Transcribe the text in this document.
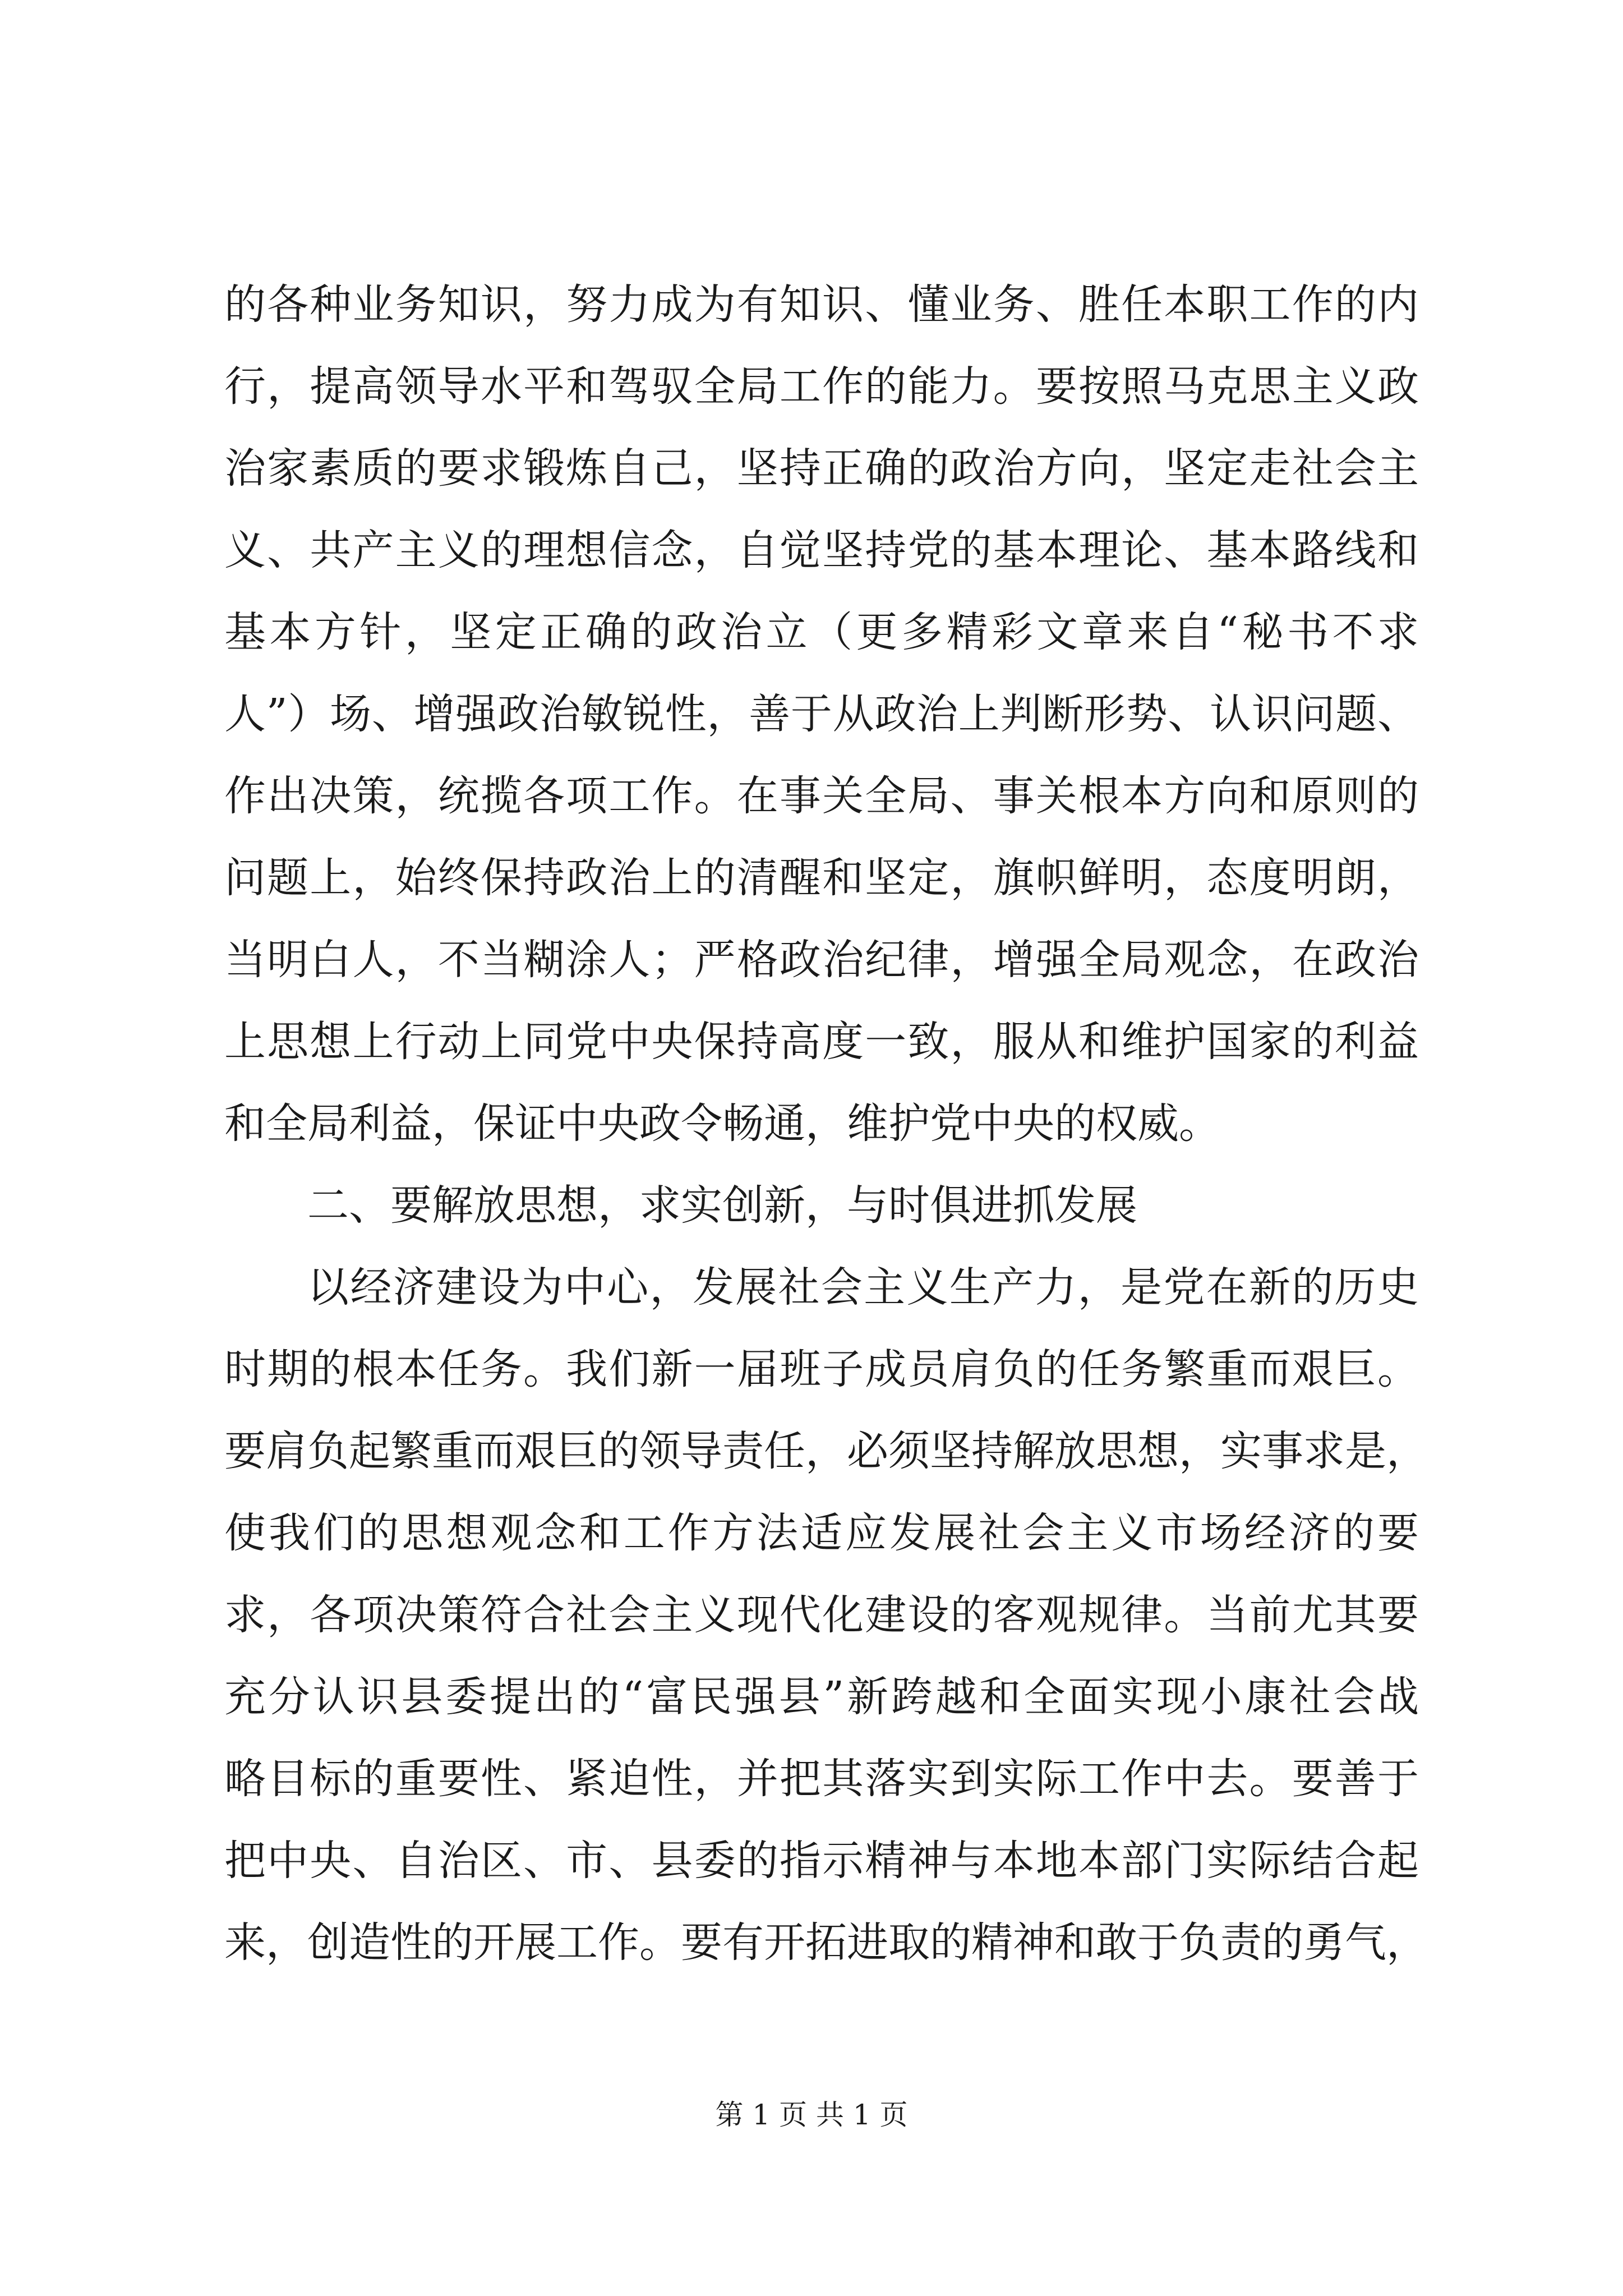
的各种业务知识，努力成为有知识、懂业务、胜任本职工作的内
行，提高领导水平和驾驭全局工作的能力。要按照马克思主义政
治家素质的要求锻炼自己，坚持正确的政治方向，坚定走社会主
义、共产主义的理想信念，自觉坚持党的基本理论、基本路线和
基本方针，坚定正确的政治立（更多精彩文章来自“秘书不求
人”）场、增强政治敏锐性，善于从政治上判断形势、认识问题、
作出决策，统揽各项工作。在事关全局、事关根本方向和原则的
问题上，始终保持政治上的清醒和坚定，旗帜鲜明，态度明朗，
当明白人，不当糊涂人；严格政治纪律，增强全局观念，在政治
上思想上行动上同党中央保持高度一致，服从和维护国家的利益
和全局利益，保证中央政令畅通，维护党中央的权威。
二、要解放思想，求实创新，与时俱进抓发展
以经济建设为中心，发展社会主义生产力，是党在新的历史
时期的根本任务。我们新一届班子成员肩负的任务繁重而艰巨。
要肩负起繁重而艰巨的领导责任，必须坚持解放思想，实事求是，
使我们的思想观念和工作方法适应发展社会主义市场经济的要
求，各项决策符合社会主义现代化建设的客观规律。当前尤其要
充分认识县委提出的“富民强县”新跨越和全面实现小康社会战
略目标的重要性、紧迫性，并把其落实到实际工作中去。要善于
把中央、自治区、市、县委的指示精神与本地本部门实际结合起
来，创造性的开展工作。要有开拓进取的精神和敢于负责的勇气，
第 1 页 共 1 页
